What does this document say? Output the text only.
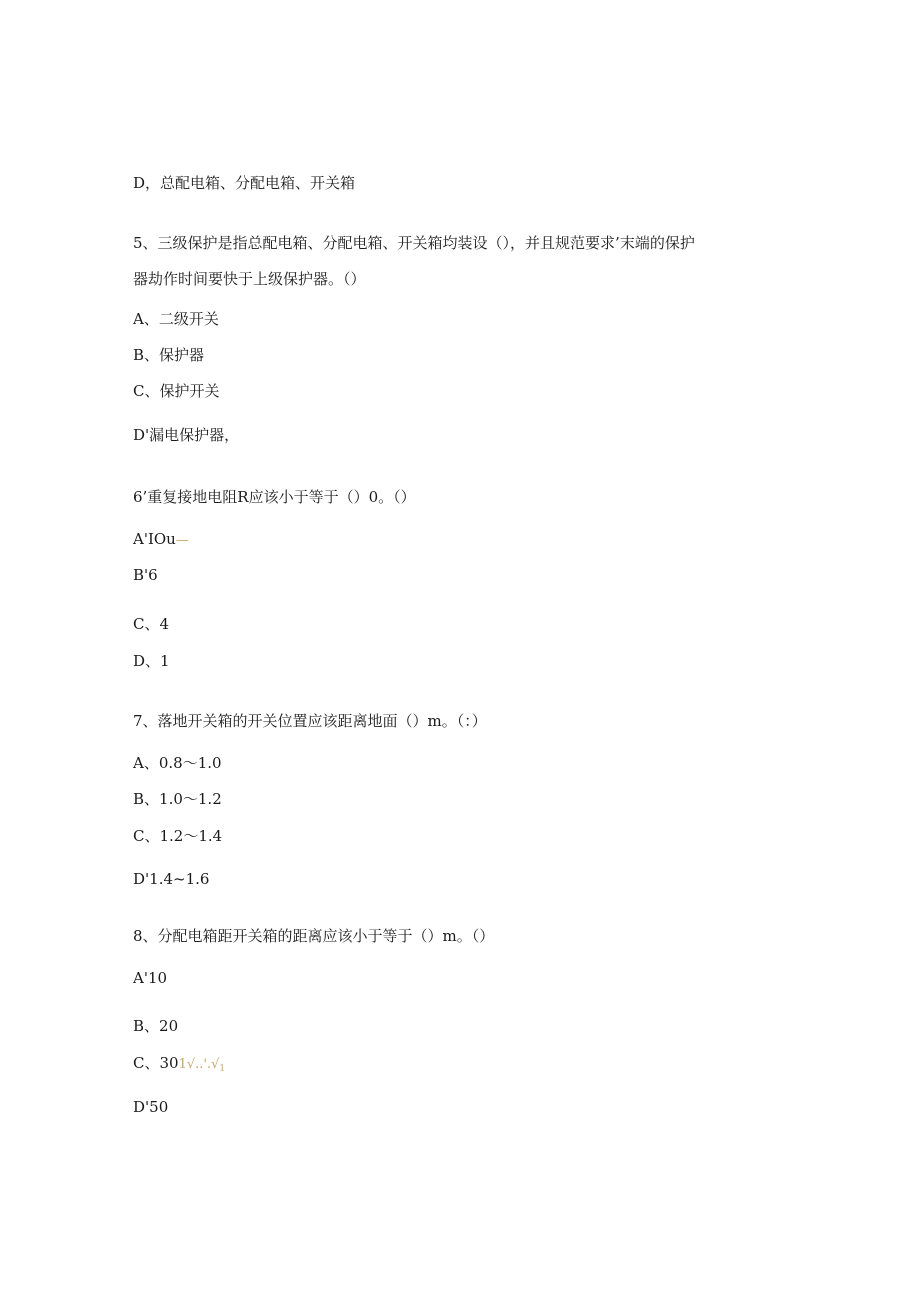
D，总配电箱、分配电箱、开关箱
5、三级保护是指总配电箱、分配电箱、开关箱均装设（），并且规范要求’末端的保护
器劫作时间要快于上级保护器。（）
A、二级开关
B、保护器
C、保护开关
D'漏电保护器，
6’重复接地电阻R应该小于等于（）0。（）
A'IOu—
B'6
C、4
D、1
7、落地开关箱的开关位置应该距离地面（）m。（：）
A、0.8～1.0
B、1.0～1.2
C、1.2～1.4
D'1.4~1.6
8、分配电箱距开关箱的距离应该小于等于（）m。（）
A'10
B、20
C、$301√..'.√_1$
D'50
